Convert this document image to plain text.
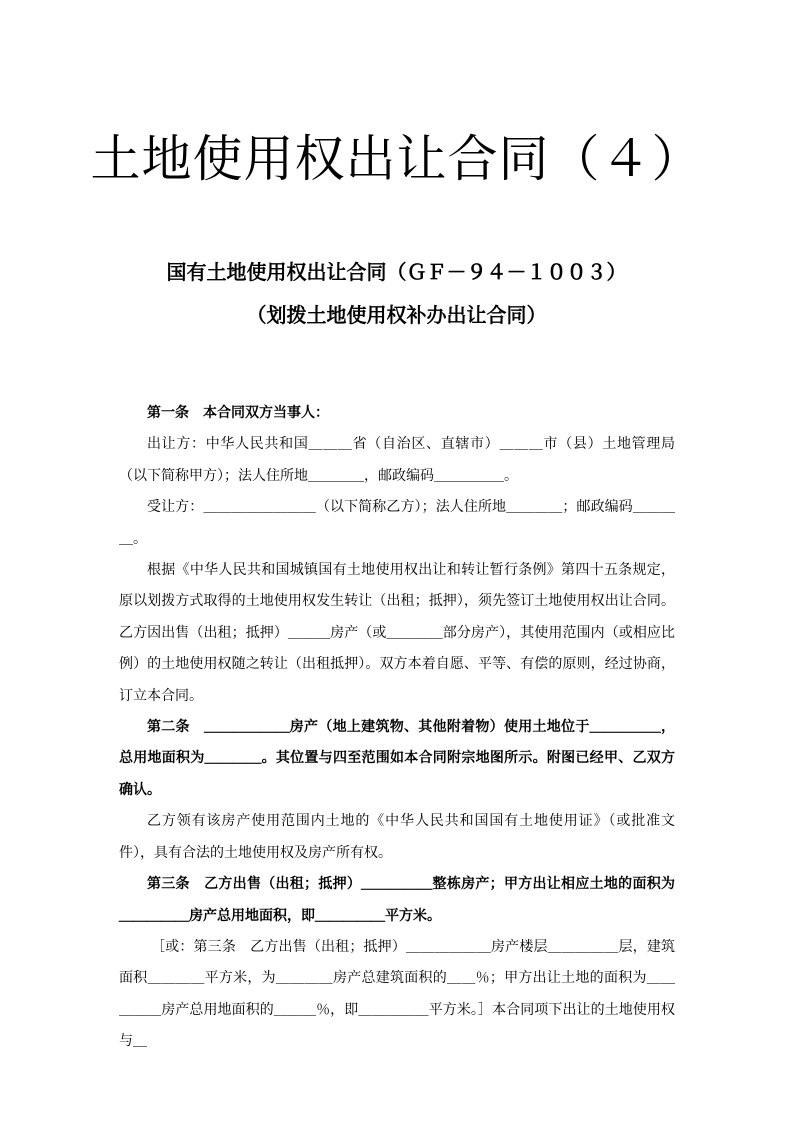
土地使用权出让合同（４）
国有土地使用权出让合同（ＧＦ－９４－１００３）
（划拨土地使用权补办出让合同）

第一条　本合同双方当事人：

出让方：中华人民共和国＿＿＿省（自治区、直辖市）＿＿＿市（县）土地管理局（以下简称甲方）；法人住所地＿＿＿＿，邮政编码＿＿＿＿＿。

受让方：＿＿＿＿＿＿＿＿（以下简称乙方）；法人住所地＿＿＿＿；邮政编码＿＿＿＿。

根据《中华人民共和国城镇国有土地使用权出让和转让暂行条例》第四十五条规定，原以划拨方式取得的土地使用权发生转让（出租；抵押），须先签订土地使用权出让合同。乙方因出售（出租；抵押）＿＿＿房产（或＿＿＿＿部分房产），其使用范围内（或相应比例）的土地使用权随之转让（出租抵押）。双方本着自愿、平等、有偿的原则，经过协商，订立本合同。

第二条　＿＿＿＿＿＿房产（地上建筑物、其他附着物）使用土地位于＿＿＿＿＿，总用地面积为＿＿＿＿。其位置与四至范围如本合同附宗地图所示。附图已经甲、乙双方确认。

乙方领有该房产使用范围内土地的《中华人民共和国国有土地使用证》（或批准文件），具有合法的土地使用权及房产所有权。

第三条　乙方出售（出租；抵押）＿＿＿＿＿整栋房产；甲方出让相应土地的面积为＿＿＿＿＿房产总用地面积，即＿＿＿＿＿平方米。

［或：第三条　乙方出售（出租；抵押）＿＿＿＿＿＿房产楼层＿＿＿＿＿层，建筑面积＿＿＿＿平方米，为＿＿＿＿房产总建筑面积的＿＿％；甲方出让土地的面积为＿＿＿＿＿房产总用地面积的＿＿＿％，即＿＿＿＿＿平方米。］本合同项下出让的土地使用权与＿
